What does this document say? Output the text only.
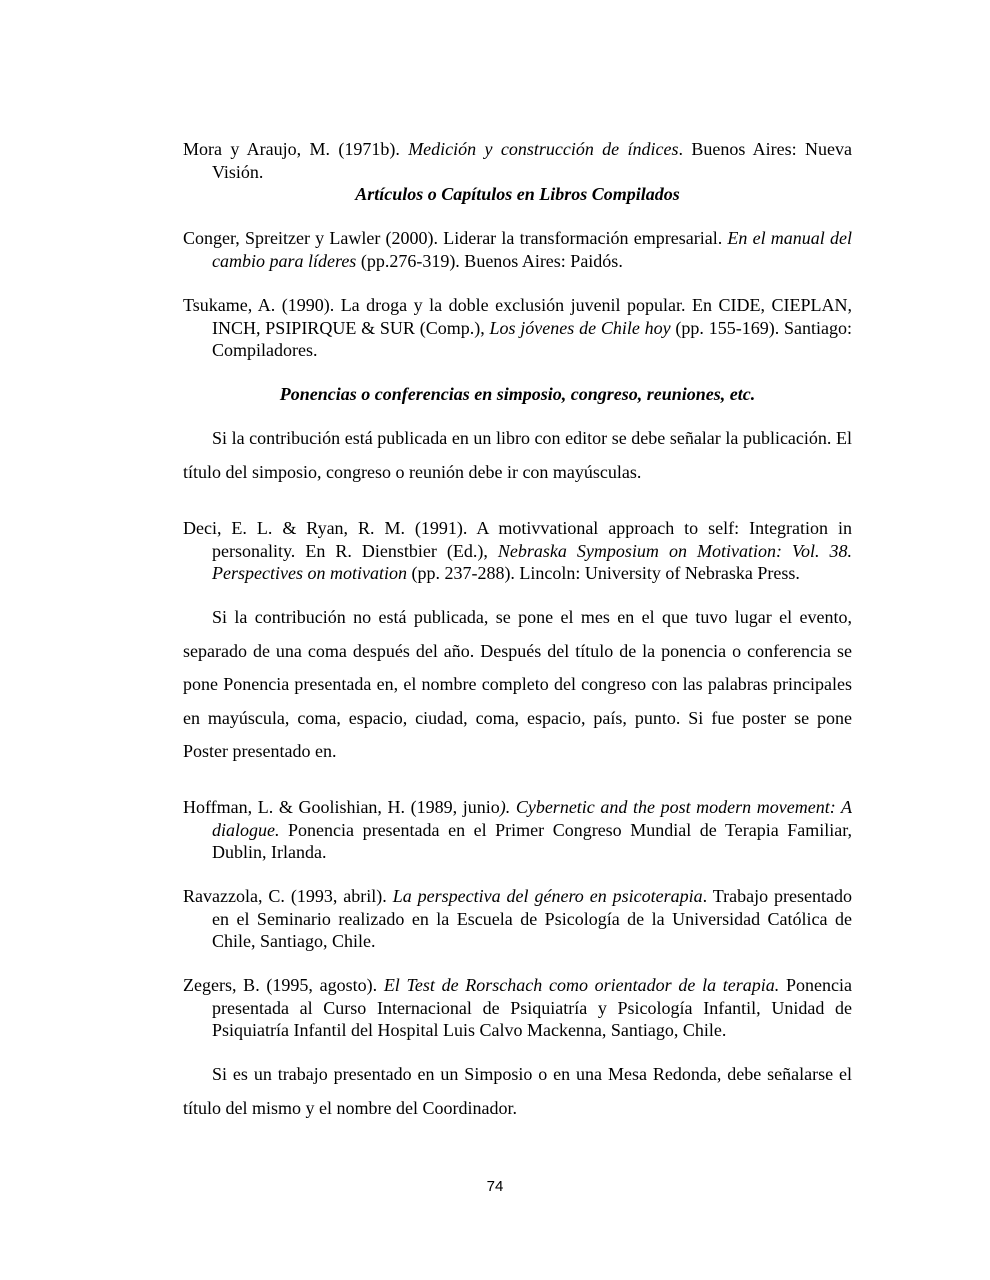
Mora y Araujo, M. (1971b). Medición y construcción de índices. Buenos Aires: Nueva Visión.

Artículos o Capítulos en Libros Compilados

Conger, Spreitzer y Lawler (2000). Liderar la transformación empresarial. En el manual del cambio para líderes (pp.276-319). Buenos Aires: Paidós.

Tsukame, A. (1990). La droga y la doble exclusión juvenil popular. En CIDE, CIEPLAN, INCH, PSIPIRQUE & SUR (Comp.), Los jóvenes de Chile hoy (pp. 155-169). Santiago: Compiladores.

Ponencias o conferencias en simposio, congreso, reuniones, etc.

Si la contribución está publicada en un libro con editor se debe señalar la publicación. El título del simposio, congreso o reunión debe ir con mayúsculas.

Deci, E. L. & Ryan, R. M. (1991). A motivvational approach to self: Integration in personality. En R. Dienstbier (Ed.), Nebraska Symposium on Motivation: Vol. 38. Perspectives on motivation (pp. 237-288). Lincoln: University of Nebraska Press.

Si la contribución no está publicada, se pone el mes en el que tuvo lugar el evento, separado de una coma después del año. Después del título de la ponencia o conferencia se pone Ponencia presentada en, el nombre completo del congreso con las palabras principales en mayúscula, coma, espacio, ciudad, coma, espacio, país, punto. Si fue poster se pone Poster presentado en.

Hoffman, L. & Goolishian, H. (1989, junio). Cybernetic and the post modern movement: A dialogue. Ponencia presentada en el Primer Congreso Mundial de Terapia Familiar, Dublin, Irlanda.

Ravazzola, C. (1993, abril). La perspectiva del género en psicoterapia. Trabajo presentado en el Seminario realizado en la Escuela de Psicología de la Universidad Católica de Chile, Santiago, Chile.

Zegers, B. (1995, agosto). El Test de Rorschach como orientador de la terapia. Ponencia presentada al Curso Internacional de Psiquiatría y Psicología Infantil, Unidad de Psiquiatría Infantil del Hospital Luis Calvo Mackenna, Santiago, Chile.

Si es un trabajo presentado en un Simposio o en una Mesa Redonda, debe señalarse el título del mismo y el nombre del Coordinador.

74
